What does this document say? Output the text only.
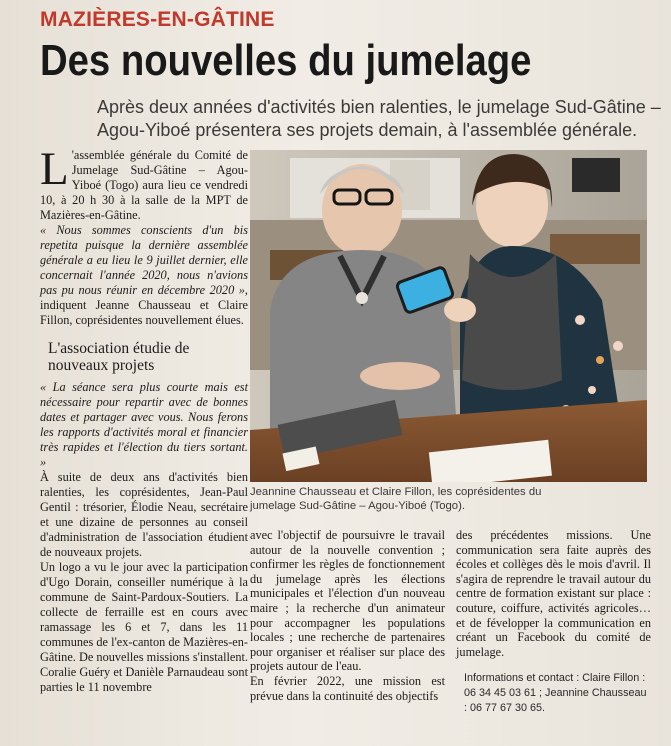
MAZIÈRES-EN-GÂTINE
Des nouvelles du jumelage

Après deux années d'activités bien ralenties, le jumelage Sud-Gâtine – Agou-Yiboé présentera ses projets demain, à l'assemblée générale.

L 'assemblée générale du Comité de Jumelage Sud-Gâtine – Agou-Yiboé (Togo) aura lieu ce vendredi 10, à 20 h 30 à la salle de la MPT de Mazières-en-Gâtine.

« Nous sommes conscients d'un bis repetita puisque la dernière assemblée générale a eu lieu le 9 juillet dernier, elle concernait l'année 2020, nous n'avions pas pu nous réunir en décembre 2020 », indiquent Jeanne Chausseau et Claire Fillon, coprésidentes nouvellement élues.

L'association étudie de nouveaux projets

« La séance sera plus courte mais est nécessaire pour repartir avec de bonnes dates et partager avec vous. Nous ferons les rapports d'activités moral et financier très rapides et l'élection du tiers sortant. »

À suite de deux ans d'activités bien ralenties, les coprésidentes, Jean-Paul Gentil : trésorier, Élodie Neau, secrétaire et une dizaine de personnes au conseil d'administration de l'association étudient de nouveaux projets.

Un logo a vu le jour avec la participation d'Ugo Dorain, conseiller numérique à la commune de Saint-Pardoux-Soutiers. La collecte de ferraille est en cours avec ramassage les 6 et 7, dans les 11 communes de l'ex-canton de Mazières-en-Gâtine. De nouvelles missions s'installent. Coralie Guéry et Danièle Parnaudeau sont parties le 11 novembre

Jeannine Chausseau et Claire Fillon, les coprésidentes du jumelage Sud-Gâtine – Agou-Yiboé (Togo).

avec l'objectif de poursuivre le travail autour de la nouvelle convention ; confirmer les règles de fonctionnement du jumelage après les élections municipales et l'élection d'un nouveau maire ; la recherche d'un animateur pour accompagner les populations locales ; une recherche de partenaires pour organiser et réaliser sur place des projets autour de l'eau.

En février 2022, une mission est prévue dans la continuité des objectifs

des précédentes missions. Une communication sera faite auprès des écoles et collèges dès le mois d'avril. Il s'agira de reprendre le travail autour du centre de formation existant sur place : couture, coiffure, activités agricoles… et de févelopper la communication en créant un Facebook du comité de jumelage.

Informations et contact : Claire Fillon : 06 34 45 03 61 ; Jeannine Chausseau : 06 77 67 30 65.
